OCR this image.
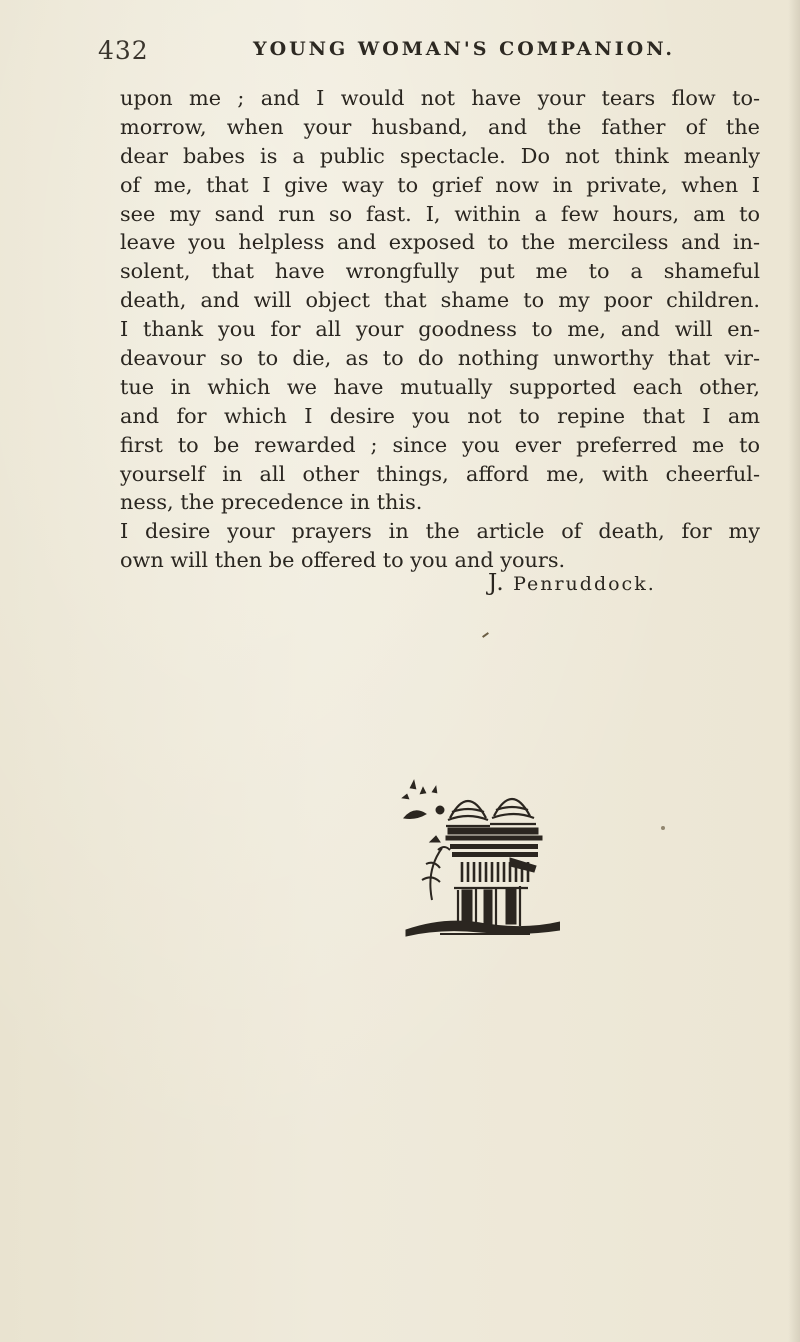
432	YOUNG WOMAN'S COMPANION.
upon me ; and I would not have your tears flow to-
morrow, when your husband, and the father of the
dear babes is a public spectacle. Do not think meanly
of me, that I give way to grief now in private, when I
see my sand run so fast. I, within a few hours, am to
leave you helpless and exposed to the merciless and in-
solent, that have wrongfully put me to a shameful
death, and will object that shame to my poor children.
I thank you for all your goodness to me, and will en-
deavour so to die, as to do nothing unworthy that vir-
tue in which we have mutually supported each other,
and for which I desire you not to repine that I am
first to be rewarded ; since you ever preferred me to
yourself in all other things, afford me, with cheerful-
ness, the precedence in this.
I desire your prayers in the article of death, for my
own will then be offered to you and yours.
J. Penruddock.
